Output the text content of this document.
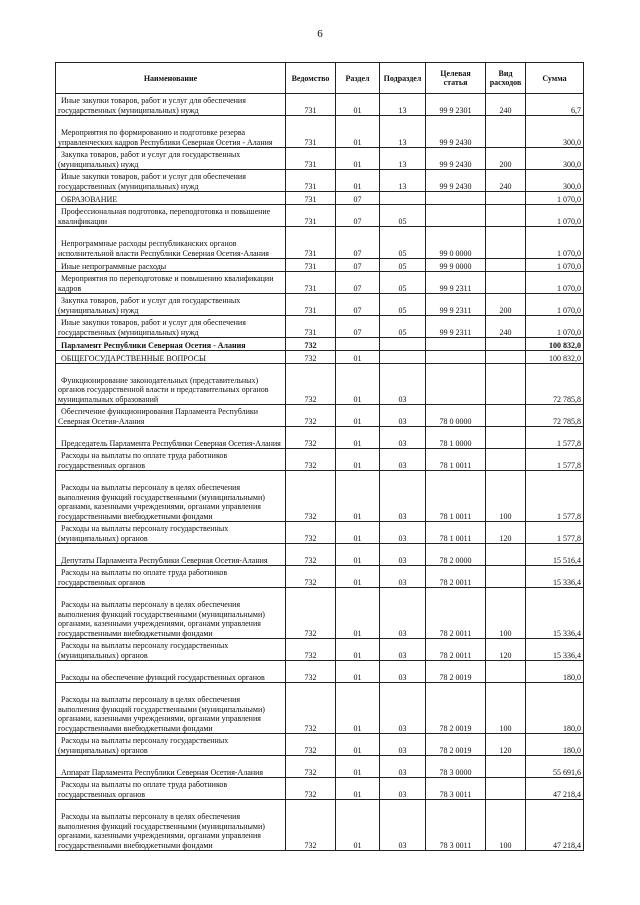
6
Наименование	Ведомство	Раздел	Подраздел	Целевая статья	Вид расходов	Сумма
Иные закупки товаров, работ и услуг для обеспечения государственных (муниципальных) нужд	731	01	13	99 9 2301	240	6,7
Мероприятия по формированию и подготовке резерва управленческих кадров Республики Северная Осетия - Алания	731	01	13	99 9 2430		300,0
Закупка товаров, работ и услуг для государственных (муниципальных) нужд	731	01	13	99 9 2430	200	300,0
Иные закупки товаров, работ и услуг для обеспечения государственных (муниципальных) нужд	731	01	13	99 9 2430	240	300,0
ОБРАЗОВАНИЕ	731	07				1 070,0
Профессиональная подготовка, переподготовка и повышение квалификации	731	07	05			1 070,0
Непрограммные расходы республиканских органов исполнительной власти Республики Северная Осетия-Алания	731	07	05	99 0 0000		1 070,0
Иные непрограммные расходы	731	07	05	99 9 0000		1 070,0
Мероприятия по переподготовке и повышению квалификации кадров	731	07	05	99 9 2311		1 070,0
Закупка товаров, работ и услуг для государственных (муниципальных) нужд	731	07	05	99 9 2311	200	1 070,0
Иные закупки товаров, работ и услуг для обеспечения государственных (муниципальных) нужд	731	07	05	99 9 2311	240	1 070,0
Парламент Республики Северная Осетия - Алания	732					100 832,0
ОБЩЕГОСУДАРСТВЕННЫЕ ВОПРОСЫ	732	01				100 832,0
Функционирование законодательных (представительных) органов государственной власти и представительных органов муниципальных образований	732	01	03			72 785,8
Обеспечение функционирования Парламента Республики Северная Осетия-Алания	732	01	03	78 0 0000		72 785,8
Председатель Парламента Республики Северная Осетия-Алания	732	01	03	78 1 0000		1 577,8
Расходы на выплаты по оплате труда работников государственных органов	732	01	03	78 1 0011		1 577,8
Расходы на выплаты персоналу в целях обеспечения выполнения функций государственными (муниципальными) органами, казенными учреждениями, органами управления государственными внебюджетными фондами	732	01	03	78 1 0011	100	1 577,8
Расходы на выплаты персоналу государственных (муниципальных) органов	732	01	03	78 1 0011	120	1 577,8
Депутаты Парламента Республики Северная Осетия-Алания	732	01	03	78 2 0000		15 516,4
Расходы на выплаты по оплате труда работников государственных органов	732	01	03	78 2 0011		15 336,4
Расходы на выплаты персоналу в целях обеспечения выполнения функций государственными (муниципальными) органами, казенными учреждениями, органами управления государственными внебюджетными фондами	732	01	03	78 2 0011	100	15 336,4
Расходы на выплаты персоналу государственных (муниципальных) органов	732	01	03	78 2 0011	120	15 336,4
Расходы на обеспечение функций государственных органов	732	01	03	78 2 0019		180,0
Расходы на выплаты персоналу в целях обеспечения выполнения функций государственными (муниципальными) органами, казенными учреждениями, органами управления государственными внебюджетными фондами	732	01	03	78 2 0019	100	180,0
Расходы на выплаты персоналу государственных (муниципальных) органов	732	01	03	78 2 0019	120	180,0
Аппарат Парламента Республики Северная Осетия-Алания	732	01	03	78 3 0000		55 691,6
Расходы на выплаты по оплате труда работников государственных органов	732	01	03	78 3 0011		47 218,4
Расходы на выплаты персоналу в целях обеспечения выполнения функций государственными (муниципальными) органами, казенными учреждениями, органами управления государственными внебюджетными фондами	732	01	03	78 3 0011	100	47 218,4
